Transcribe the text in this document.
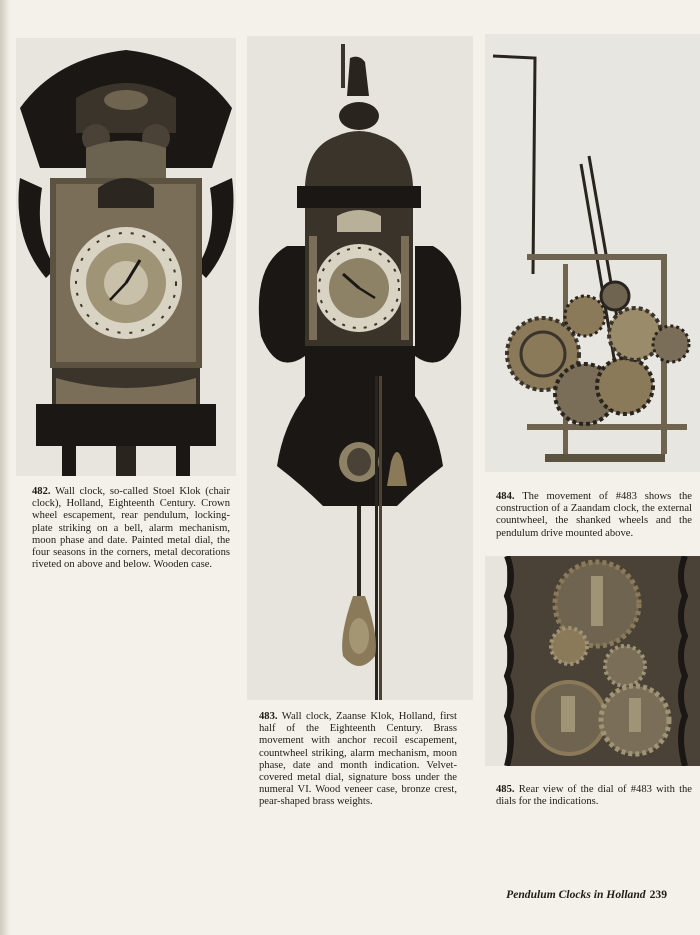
482. Wall clock, so-called Stoel Klok (chair clock), Holland, Eighteenth Century. Crown wheel escapement, rear pendulum, locking-plate striking on a bell, alarm mechanism, moon phase and date. Painted metal dial, the four seasons in the corners, metal decorations riveted on above and below. Wooden case.

483. Wall clock, Zaanse Klok, Holland, first half of the Eighteenth Century. Brass movement with anchor recoil escapement, countwheel striking, alarm mechanism, moon phase, date and month indication. Velvet-covered metal dial, signature boss under the numeral VI. Wood veneer case, bronze crest, pear-shaped brass weights.

484. The movement of #483 shows the construction of a Zaandam clock, the external countwheel, the shanked wheels and the pendulum drive mounted above.

485. Rear view of the dial of #483 with the dials for the indications.

Pendulum Clocks in Holland 239
